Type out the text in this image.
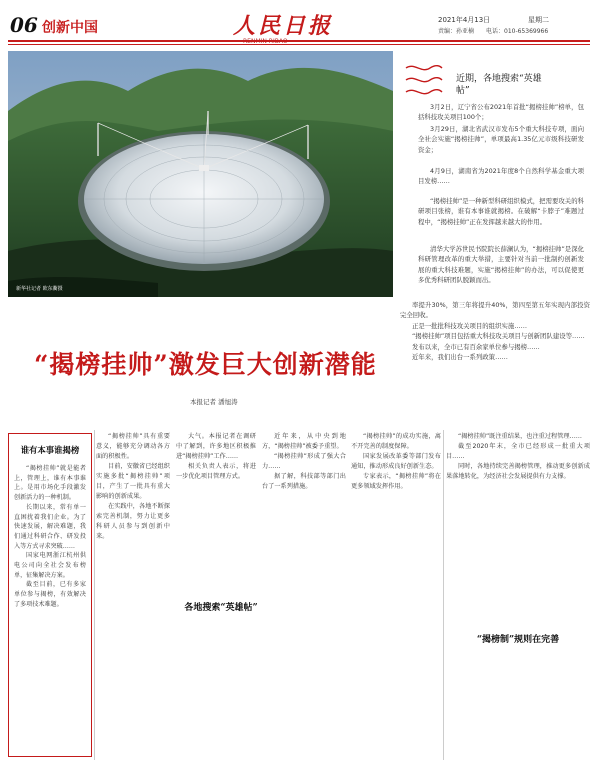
06 创新中国	人民日报	2021年4月13日	星期二
责编：孙亚楠 电话：010-65369966
新华社记者 欧东衢摄
近期，各地搜索“英雄
帖”

3月2日，辽宁省公布2021年首批“揭榜挂帅”榜单，包括科技攻关项目100个；

3月29日，湖北省武汉市发布5个重大科技专项，面向全社会实施“揭榜挂帅”，单项最高1.35亿元市级科技研发资金；

4月9日，湖南省为2021年度8个自然科学基金重大项目发榜……

“揭榜挂帅”是一种新型科研组织模式，把需要攻关的科研项目张榜，谁有本事谁就揭榜。在破解“卡脖子”难题过程中，“揭榜挂帅”正在发挥越来越大的作用。

清华大学苏世民书院院长薛澜认为，“揭榜挂帅”是深化科研管理改革的重大举措，主要针对当前一批制约创新发展的重大科技难题，实施“揭榜挂帅”的办法，可以促使更多优秀科研团队脱颖而出。

率提升30%，第三年将提升40%，第四至第五年实现内部投资完全回收。

正是一批批科技攻关项目的组织实施……

“揭榜挂帅”项目包括重大科技攻关项目与创新团队建设等……

发布以来，全市已有百余家单位参与揭榜……

近年来，我们出台一系列政策……

“揭榜挂帅”激发巨大创新潜能
本报记者 潘旭涛
谁有本事谁揭榜

“揭榜挂帅”就是能者上，管理上，谁有本事谁上。是用市场化手段激发创新活力的一种机制。

长期以来，常有单一直困扰着我们企业。为了快速发展，解决难题，我们通过科研合作、研发投入等方式寻求突破……

国家电网浙江杭州供电公司向全社会发布榜单，征集解决方案。

截至目前，已有多家单位参与揭榜，有效解决了多项技术难题。

“揭榜挂帅”具有重要意义，能够充分调动各方面的积极性。

目前，安徽省已经组织实施多批“揭榜挂帅”项目，产生了一批具有重大影响的创新成果。

在实践中，各地不断探索完善机制，努力让更多科研人员参与到创新中来。

大气。本报记者在调研中了解到，许多地区积极推进“揭榜挂帅”工作……

相关负责人表示，将进一步优化项目管理方式。

近年来，从中央到地方，“揭榜挂帅”被委予重望。

“揭榜挂帅”形成了强大合力……

据了解，科技部等部门出台了一系列措施。

“揭榜挂帅”的成功实施，离不开完善的制度保障。

国家发展改革委等部门发布通知，推动形成良好创新生态。

专家表示，“揭榜挂帅”将在更多领域发挥作用。

“揭榜挂帅”既注重结果，也注重过程管理……

截至2020年末，全市已经形成一批重大项目……

同时，各地持续完善揭榜管理，推动更多创新成果落地转化，为经济社会发展提供有力支撑。

各地搜索“英雄帖”
“揭榜制”规则在完善
